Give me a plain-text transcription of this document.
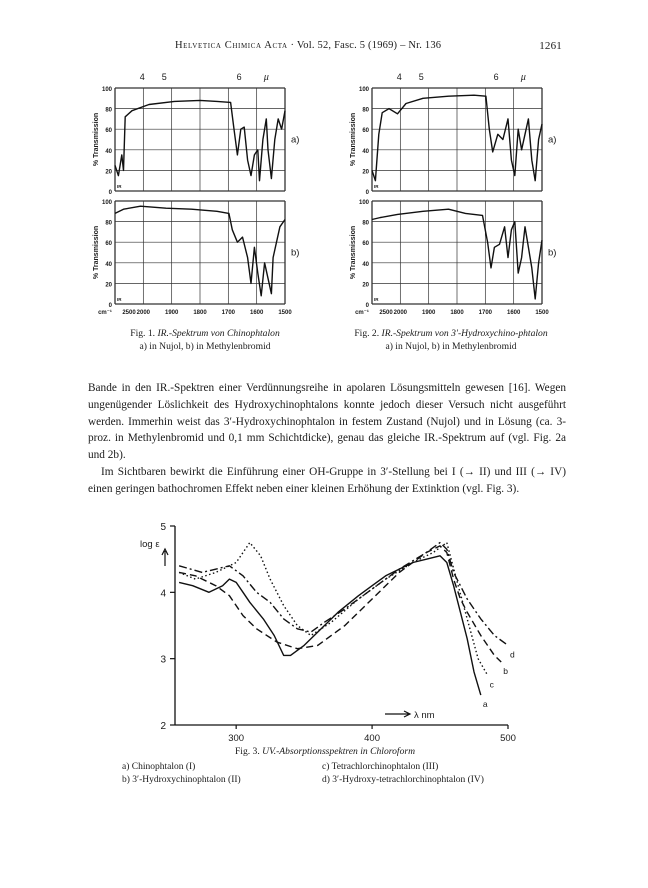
Helvetica Chimica Acta · Vol. 52, Fasc. 5 (1969) – Nr. 136	1261
4 5	6 µ
100
80
60
40
20
0
% Transmission
IR
a)
100
80
60
40
20
0
% Transmission
IR
b)
cm⁻¹ 2500 2000 1900 1800 1700 1600 1500
4 5	6 µ
100
80
60
40
20
0
% Transmission
IR
a)
100
80
60
40
20
0
% Transmission
IR
b)
cm⁻¹ 2500 2000 1900 1800 1700 1600 1500
Fig. 1. IR.-Spektrum von Chinophtalon
a) in Nujol, b) in Methylenbromid
Fig. 2. IR.-Spektrum von 3′-Hydroxychino-phtalon
a) in Nujol, b) in Methylenbromid

Bande in den IR.-Spektren einer Verdünnungsreihe in apolaren Lösungsmitteln gewesen [16]. Wegen ungenügender Löslichkeit des Hydroxychinophtalons konnte jedoch dieser Versuch nicht ausgeführt werden. Immerhin weist das 3′-Hydroxychinophtalon in festem Zustand (Nujol) und in Lösung (ca. 3-proz. in Methylenbromid und 0,1 mm Schichtdicke), genau das gleiche IR.-Spektrum auf (vgl. Fig. 2a und 2b).

Im Sichtbaren bewirkt die Einführung einer OH-Gruppe in 3′-Stellung bei I (→ II) und III (→ IV) einen geringen bathochromen Effekt neben einer kleinen Erhöhung der Extinktion (vgl. Fig. 3).

2
3
4
5
300	400	500
log ε
λ nm
a
b
c
d
Fig. 3. UV.-Absorptionsspektren in Chloroform
a) Chinophtalon (I)
b) 3′-Hydroxychinophtalon (II)
c) Tetrachlorchinophtalon (III)
d) 3′-Hydroxy-tetrachlorchinophtalon (IV)
